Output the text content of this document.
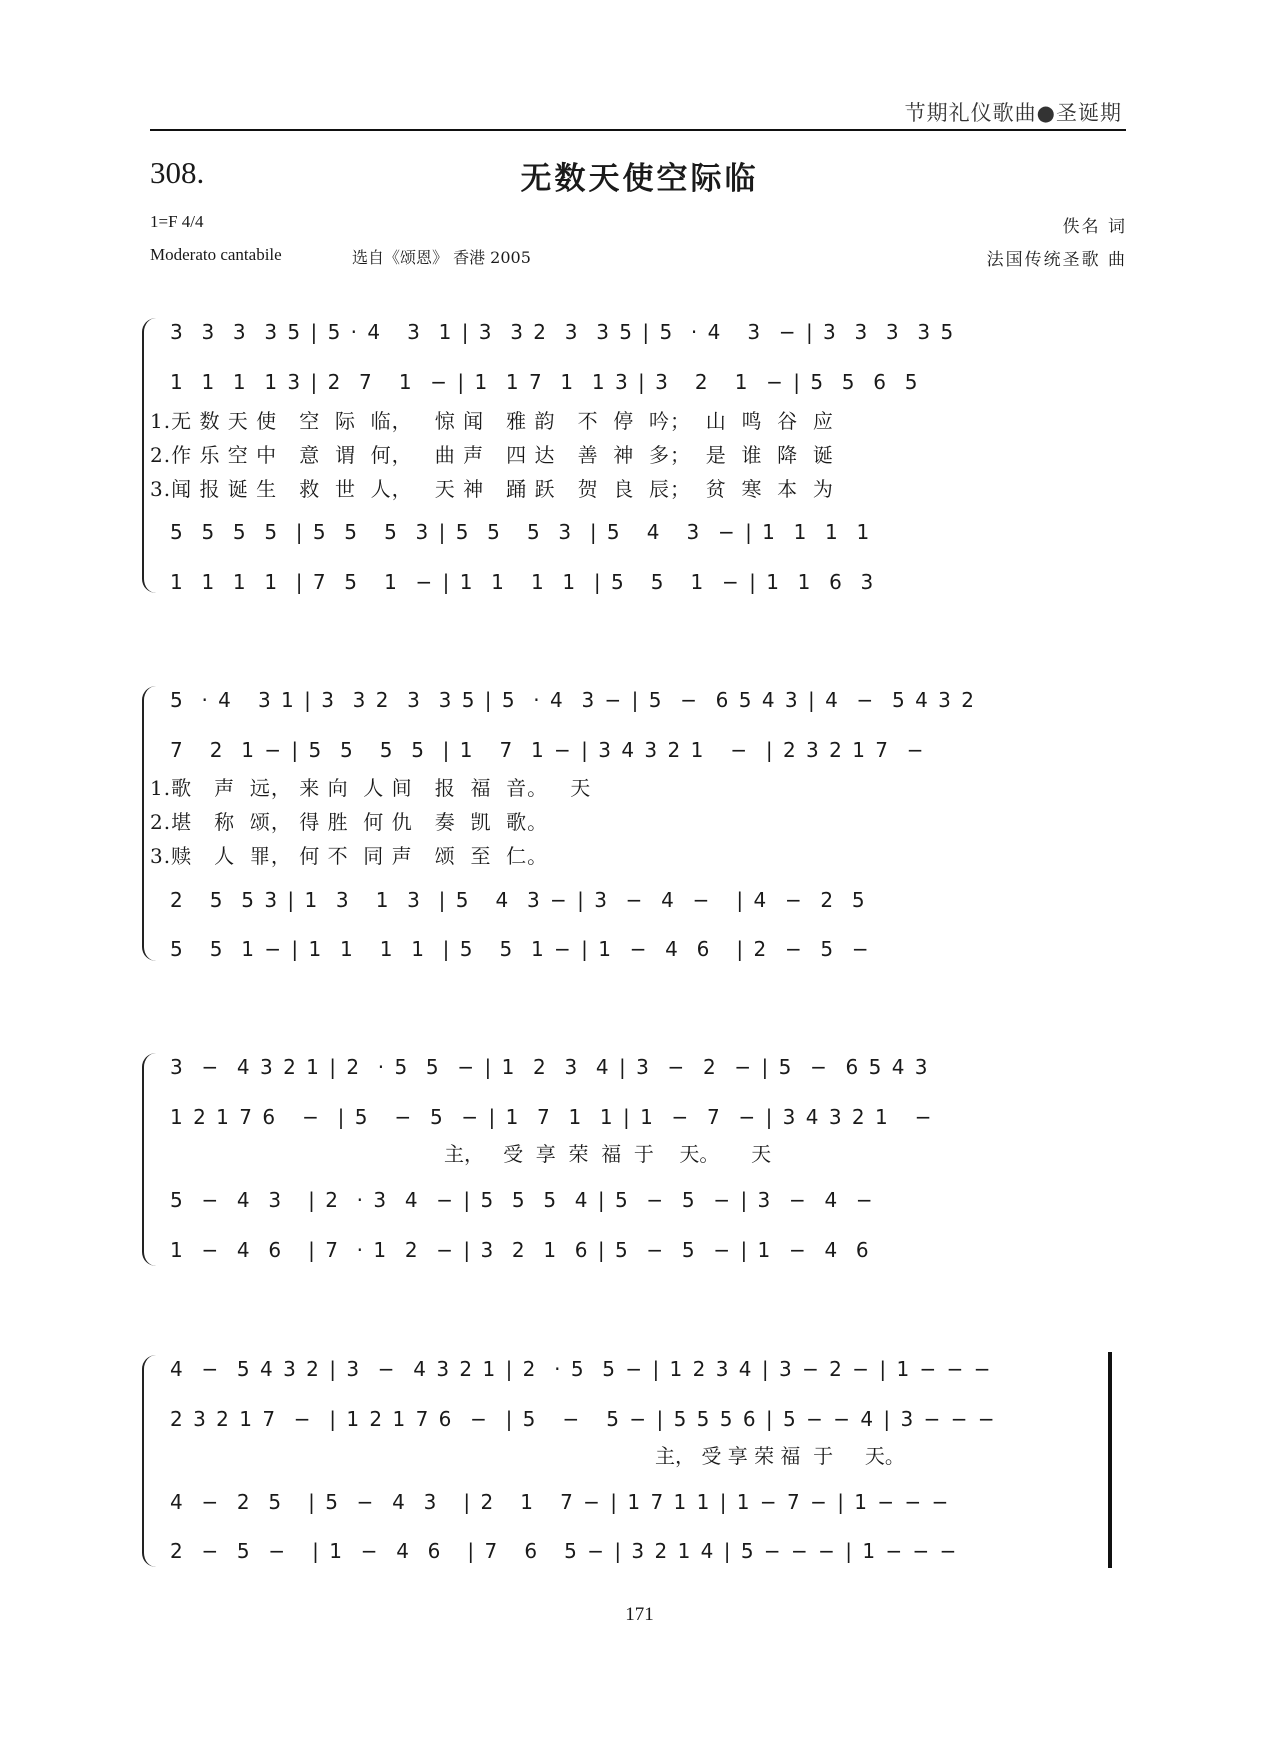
节期礼仪歌曲●圣诞期
308.	无数天使空际临
1=F 4/4
Moderato cantabile	选自《颂恩》 香港 2005
佚名 词
法国传统圣歌 曲
3  3  3  3 5 | 5 · 4   3  1 | 3  3 2  3  3 5 | 5  · 4   3  − | 3  3  3  3 5
1  1  1  1 3 | 2  7   1  − | 1  1 7  1  1 3 | 3   2   1  − | 5  5  6  5
1.无 数 天 使   空  际  临，   惊 闻   雅 韵   不  停  吟；  山  鸣  谷  应
2.作 乐 空 中   意  谓  何，   曲 声   四 达   善  神  多；  是  谁  降  诞
3.闻 报 诞 生   救  世  人，   天 神   踊 跃   贺  良  辰；  贫  寒  本  为
5  5  5  5  | 5  5   5  3 | 5  5   5  3  | 5   4   3  − | 1  1  1  1
1  1  1  1  | 7  5   1  − | 1  1   1  1  | 5   5   1  − | 1  1  6  3
5  · 4   3 1 | 3  3 2  3  3 5 | 5  · 4  3 − | 5  −  6 5 4 3 | 4  −  5 4 3 2
7   2  1 − | 5  5   5  5  | 1   7  1 − | 3 4 3 2 1   −  | 2 3 2 1 7  −
1.歌   声  远， 来 向  人 间   报  福  音。   天
2.堪   称  颂， 得 胜  何 仇   奏  凯  歌。
3.赎   人  罪， 何 不  同 声   颂  至  仁。
2   5  5 3 | 1  3   1  3  | 5   4  3 − | 3  −  4  −   | 4  −  2  5
5   5  1 − | 1  1   1  1  | 5   5  1 − | 1  −  4  6   | 2  −  5  −
3  −  4 3 2 1 | 2  · 5  5  − | 1  2  3  4 | 3  −  2  − | 5  −  6 5 4 3
1 2 1 7 6   −  | 5   −  5  − | 1  7  1  1 | 1  −  7  − | 3 4 3 2 1   −
主，   受  享  荣  福  于    天。     天
5  −  4  3   | 2  · 3  4  − | 5  5  5  4 | 5  −  5  − | 3  −  4  −
1  −  4  6   | 7  · 1  2  − | 3  2  1  6 | 5  −  5  − | 1  −  4  6
4  −  5 4 3 2 | 3  −  4 3 2 1 | 2  · 5  5 − | 1 2 3 4 | 3 − 2 − | 1 − − −
2 3 2 1 7  −  | 1 2 1 7 6  −  | 5   −   5 − | 5 5 5 6 | 5 − − 4 | 3 − − −
主， 受 享 荣 福  于     天。
4  −  2  5   | 5  −  4  3   | 2   1   7 − | 1 7 1 1 | 1 − 7 − | 1 − − −
2  −  5  −   | 1  −  4  6   | 7   6   5 − | 3 2 1 4 | 5 − − − | 1 − − −
171
